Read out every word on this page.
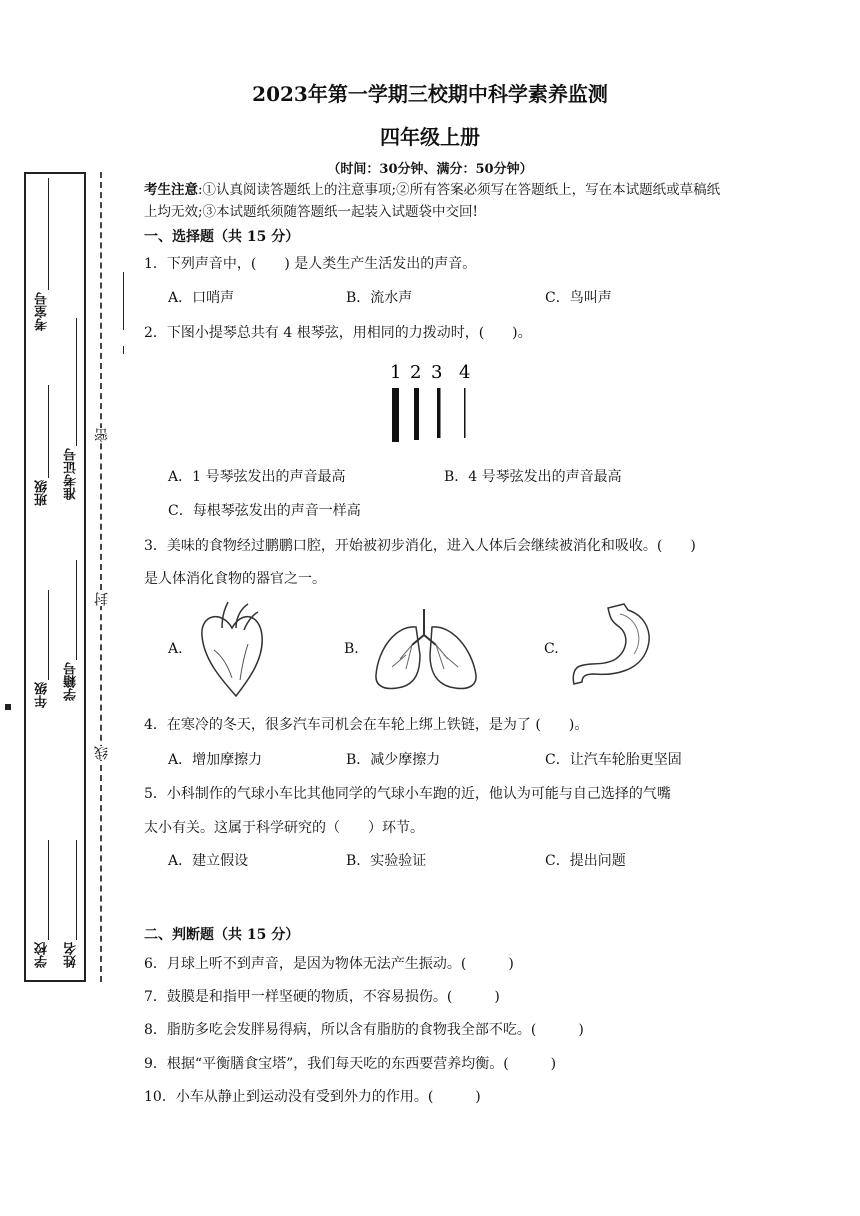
2023年第一学期三校期中科学素养监测
四年级上册
（时间：30分钟、满分：50分钟）
考生注意:①认真阅读答题纸上的注意事项;②所有答案必须写在答题纸上，写在本试题纸或草稿纸上均无效;③本试题纸须随答题纸一起装入试题袋中交回!
考室号
班级 准考证号
年级 学籍号
学校 姓名
密
封
线
一、选择题（共 15 分）
1．下列声音中，(　　) 是人类生产生活发出的声音。
A．口哨声	B．流水声	C．鸟叫声
2．下图小提琴总共有 4 根琴弦，用相同的力拨动时，(　　)。
1 2 3 4
A．1 号琴弦发出的声音最高	B．4 号琴弦发出的声音最高
C．每根琴弦发出的声音一样高
3．美味的食物经过鹏鹏口腔，开始被初步消化，进入人体后会继续被消化和吸收。(　　)
是人体消化食物的器官之一。
A.	B.	C.
4．在寒冷的冬天，很多汽车司机会在车轮上绑上铁链，是为了 (　　)。
A．增加摩擦力	B．减少摩擦力	C．让汽车轮胎更坚固
5．小科制作的气球小车比其他同学的气球小车跑的近，他认为可能与自己选择的气嘴
太小有关。这属于科学研究的（　　）环节。
A．建立假设	B．实验验证	C．提出问题
二、判断题（共 15 分）
6．月球上听不到声音，是因为物体无法产生振动。(　　　)
7．鼓膜是和指甲一样坚硬的物质，不容易损伤。(　　　)
8．脂肪多吃会发胖易得病，所以含有脂肪的食物我全部不吃。(　　　)
9．根据“平衡膳食宝塔”，我们每天吃的东西要营养均衡。(　　　)
10．小车从静止到运动没有受到外力的作用。(　　　)
